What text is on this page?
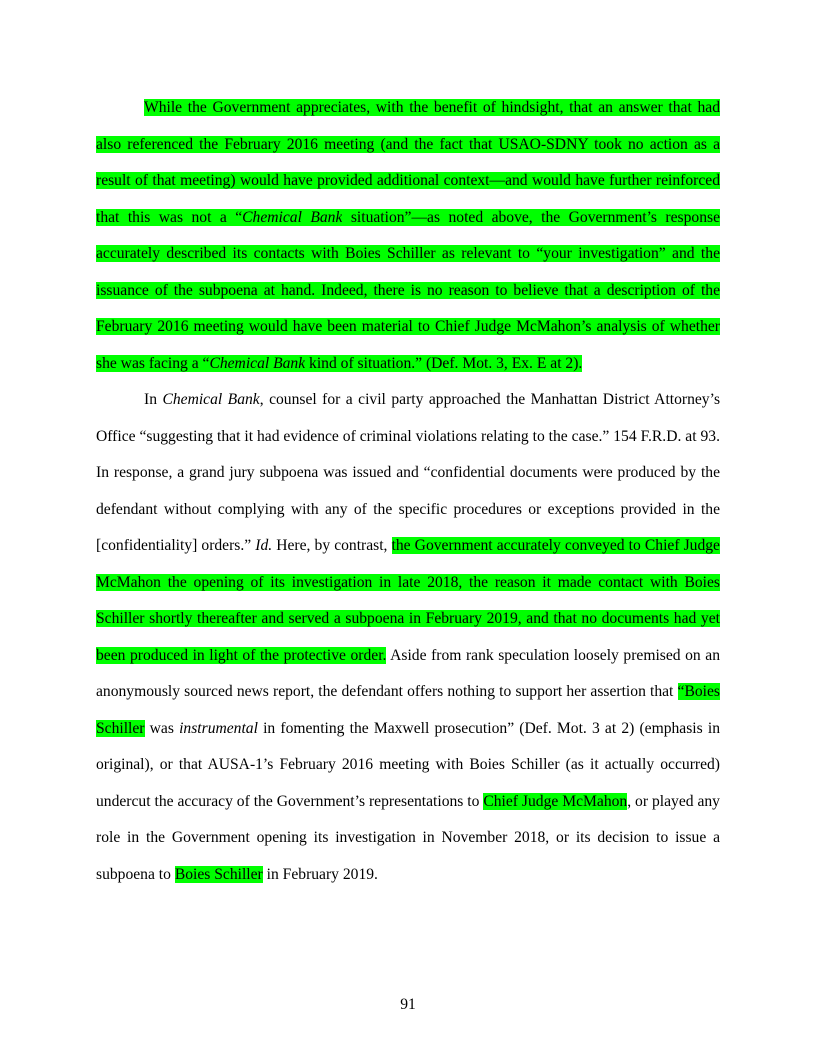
While the Government appreciates, with the benefit of hindsight, that an answer that had also referenced the February 2016 meeting (and the fact that USAO-SDNY took no action as a result of that meeting) would have provided additional context—and would have further reinforced that this was not a “Chemical Bank situation”—as noted above, the Government’s response accurately described its contacts with Boies Schiller as relevant to “your investigation” and the issuance of the subpoena at hand. Indeed, there is no reason to believe that a description of the February 2016 meeting would have been material to Chief Judge McMahon’s analysis of whether she was facing a “Chemical Bank kind of situation.” (Def. Mot. 3, Ex. E at 2).

In Chemical Bank, counsel for a civil party approached the Manhattan District Attorney’s Office “suggesting that it had evidence of criminal violations relating to the case.” 154 F.R.D. at 93. In response, a grand jury subpoena was issued and “confidential documents were produced by the defendant without complying with any of the specific procedures or exceptions provided in the [confidentiality] orders.” Id. Here, by contrast, the Government accurately conveyed to Chief Judge McMahon the opening of its investigation in late 2018, the reason it made contact with Boies Schiller shortly thereafter and served a subpoena in February 2019, and that no documents had yet been produced in light of the protective order. Aside from rank speculation loosely premised on an anonymously sourced news report, the defendant offers nothing to support her assertion that “Boies Schiller was instrumental in fomenting the Maxwell prosecution” (Def. Mot. 3 at 2) (emphasis in original), or that AUSA-1’s February 2016 meeting with Boies Schiller (as it actually occurred) undercut the accuracy of the Government’s representations to Chief Judge McMahon, or played any role in the Government opening its investigation in November 2018, or its decision to issue a subpoena to Boies Schiller in February 2019.

91
